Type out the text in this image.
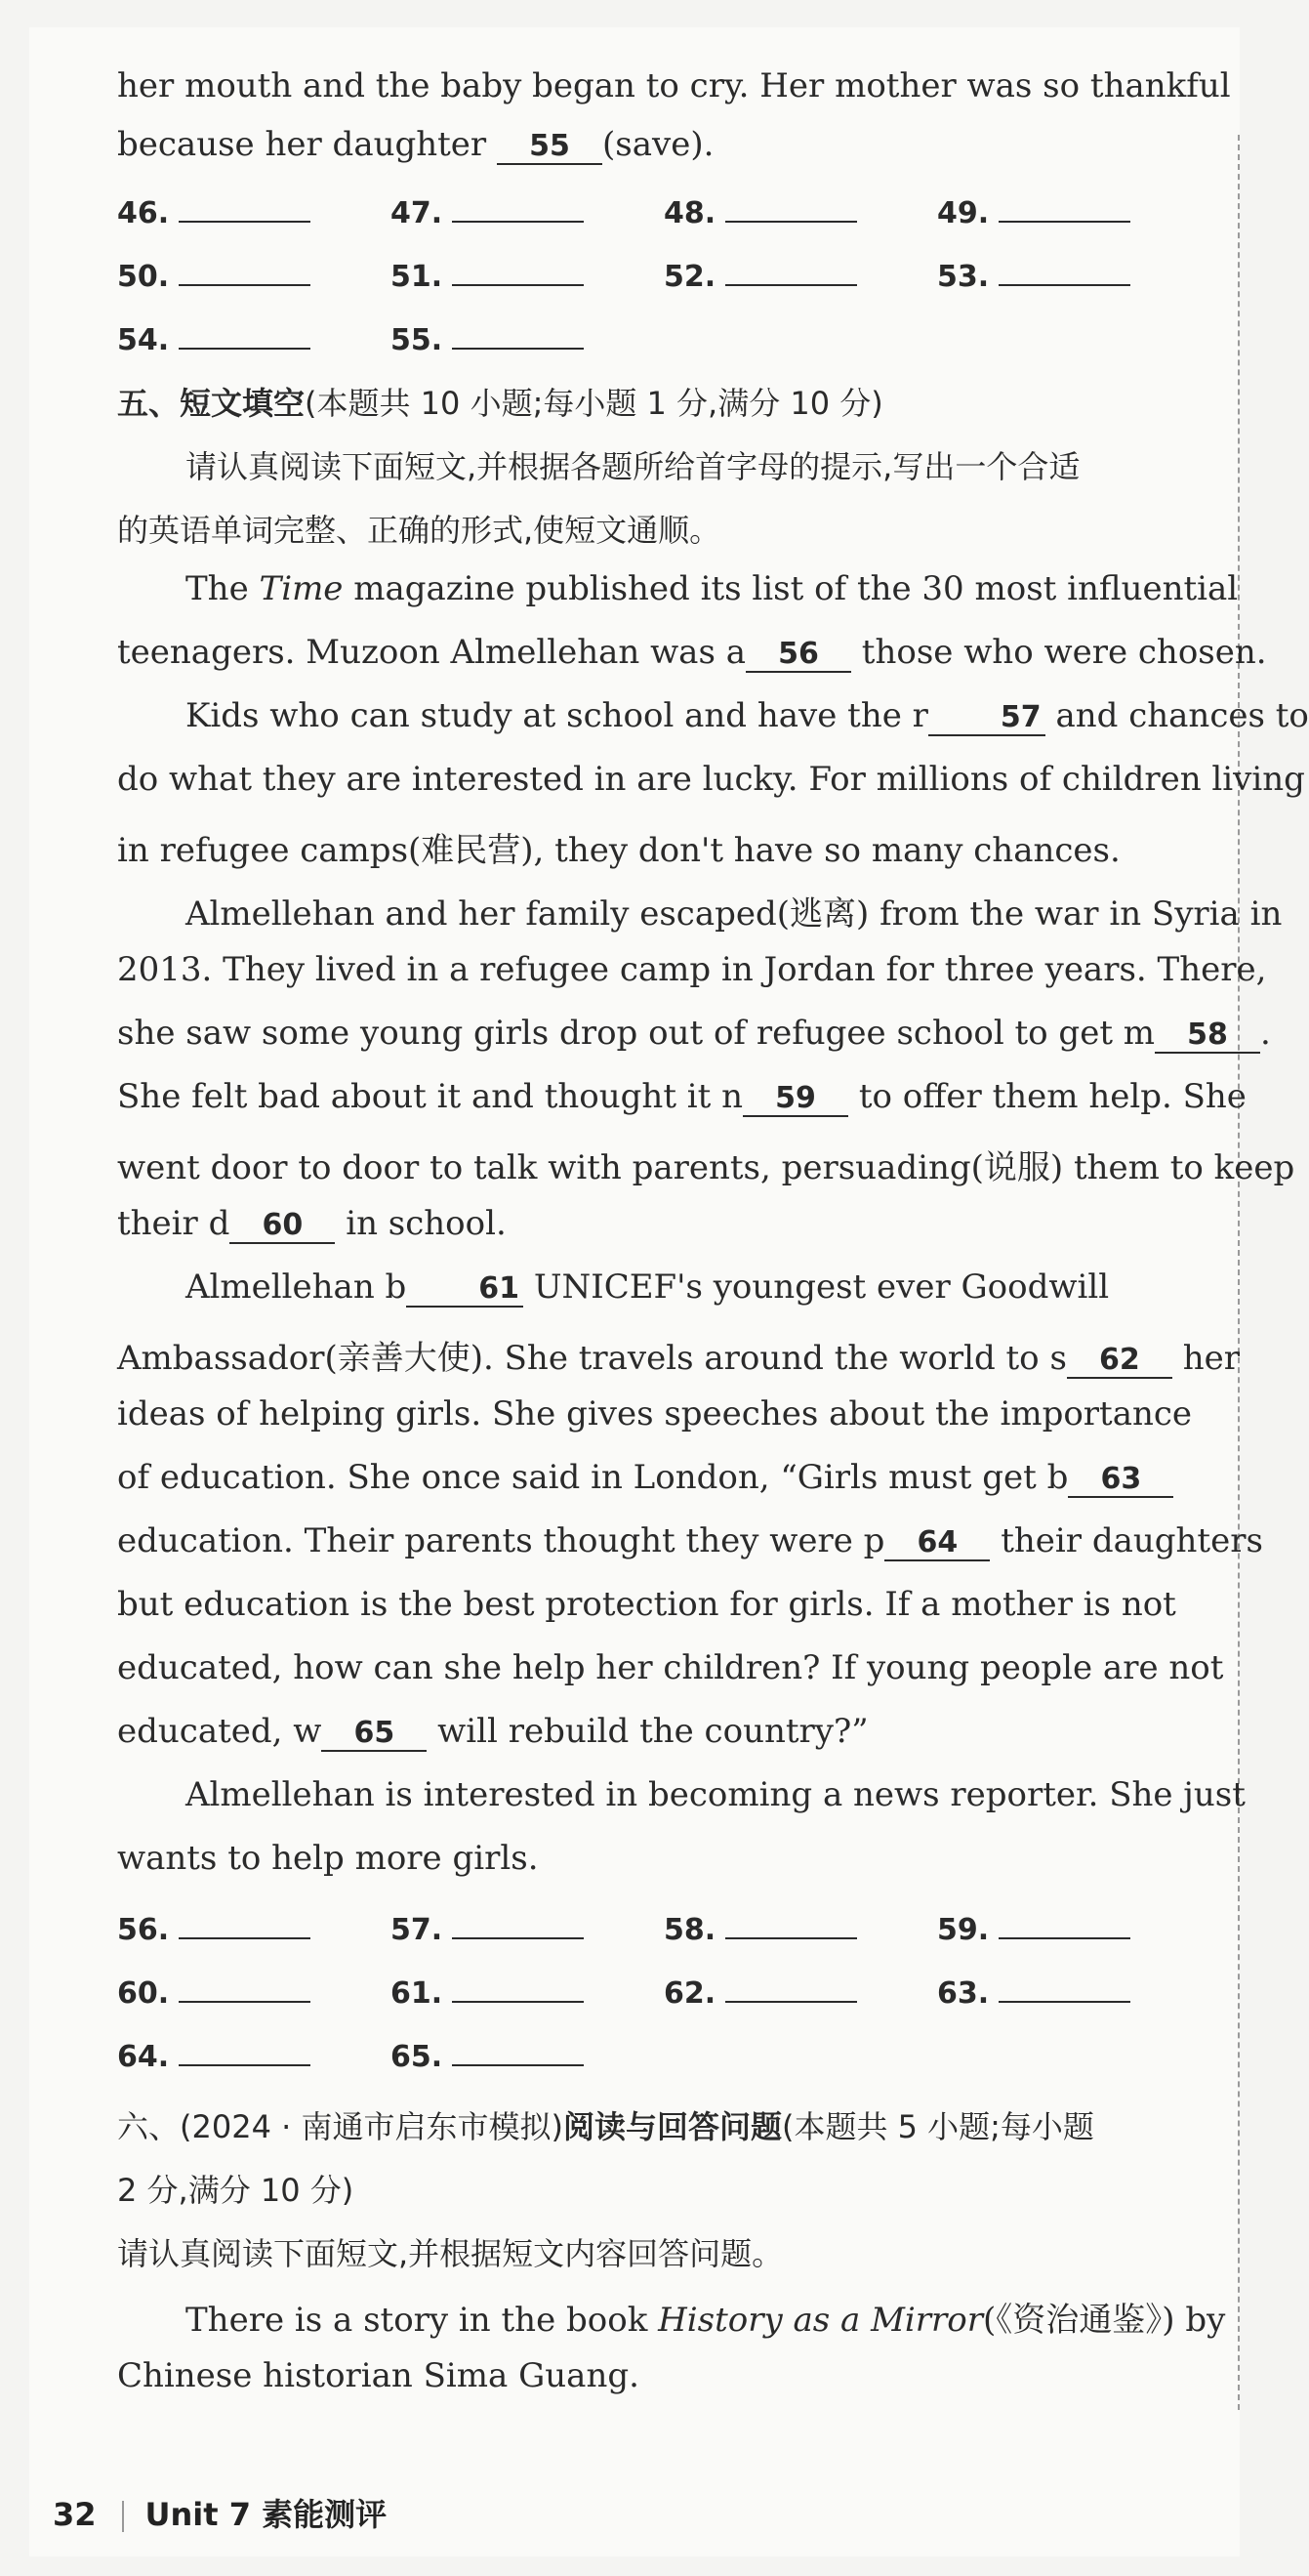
her mouth and the baby began to cry. Her mother was so thankful
because her daughter 55 (save).
46.	47.	48.	49.
50.	51.	52.	53.
54.	55.
五、短文填空(本题共 10 小题;每小题 1 分,满分 10 分)
请认真阅读下面短文,并根据各题所给首字母的提示,写出一个合适
的英语单词完整、正确的形式,使短文通顺。
The Time magazine published its list of the 30 most influential
teenagers. Muzoon Almellehan was a 56 those who were chosen.
Kids who can study at school and have the r 57 and chances to
do what they are interested in are lucky. For millions of children living
in refugee camps(难民营), they don't have so many chances.
Almellehan and her family escaped(逃离) from the war in Syria in
2013. They lived in a refugee camp in Jordan for three years. There,
she saw some young girls drop out of refugee school to get m 58 .
She felt bad about it and thought it n 59 to offer them help. She
went door to door to talk with parents, persuading(说服) them to keep
their d 60 in school.
Almellehan b 61 UNICEF's youngest ever Goodwill
Ambassador(亲善大使). She travels around the world to s 62 her
ideas of helping girls. She gives speeches about the importance
of education. She once said in London, “Girls must get b 63
education. Their parents thought they were p 64 their daughters
but education is the best protection for girls. If a mother is not
educated, how can she help her children? If young people are not
educated, w 65 will rebuild the country?”
Almellehan is interested in becoming a news reporter. She just
wants to help more girls.
56.	57.	58.	59.
60.	61.	62.	63.
64.	65.
六、(2024 · 南通市启东市模拟)阅读与回答问题(本题共 5 小题;每小题
2 分,满分 10 分)
请认真阅读下面短文,并根据短文内容回答问题。
There is a story in the book History as a Mirror(《资治通鉴》) by
Chinese historian Sima Guang.
32 Unit 7 素能测评
